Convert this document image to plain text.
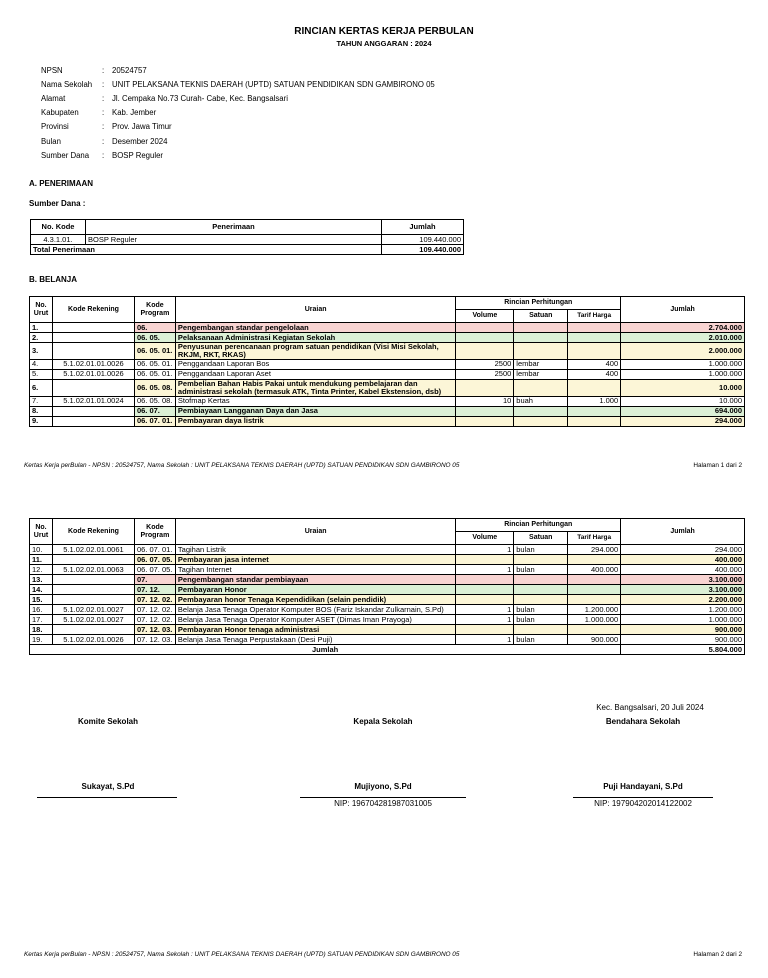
RINCIAN KERTAS KERJA PERBULAN
TAHUN ANGGARAN : 2024
NPSN	:	20524757
Nama Sekolah	:	UNIT PELAKSANA TEKNIS DAERAH (UPTD) SATUAN PENDIDIKAN SDN GAMBIRONO 05
Alamat	:	Jl. Cempaka No.73 Curah- Cabe, Kec. Bangsalsari
Kabupaten	:	Kab. Jember
Provinsi	:	Prov. Jawa Timur
Bulan	:	Desember 2024
Sumber Dana	:	BOSP Reguler
A. PENERIMAAN
Sumber Dana :
No. Kode	Penerimaan	Jumlah
4.3.1.01.	BOSP Reguler	109.440.000
Total Penerimaan		109.440.000
B. BELANJA
No. Urut	Kode Rekening	Kode Program	Uraian	Rincian Perhitungan			Jumlah
				Volume	Satuan	Tarif Harga	
1.		06.	Pengembangan standar pengelolaan				2.704.000
2.		06. 05.	Pelaksanaan Administrasi Kegiatan Sekolah				2.010.000
3.		06. 05. 01.	Penyusunan perencanaan program satuan pendidikan (Visi Misi Sekolah, RKJM, RKT, RKAS)				2.000.000
4.	5.1.02.01.01.0026	06. 05. 01.	Penggandaan Laporan Bos	2500	lembar	400	1.000.000
5.	5.1.02.01.01.0026	06. 05. 01.	Penggandaan Laporan Aset	2500	lembar	400	1.000.000
6.		06. 05. 08.	Pembelian Bahan Habis Pakai untuk mendukung pembelajaran dan administrasi sekolah (termasuk ATK, Tinta Printer, Kabel Ekstension, dsb)				10.000
7.	5.1.02.01.01.0024	06. 05. 08.	Stofmap Kertas	10	buah	1.000	10.000
8.		06. 07.	Pembiayaan Langganan Daya dan Jasa				694.000
9.		06. 07. 01.	Pembayaran daya listrik				294.000
Kertas Kerja perBulan - NPSN : 20524757, Nama Sekolah : UNIT PELAKSANA TEKNIS DAERAH (UPTD) SATUAN PENDIDIKAN SDN GAMBIRONO 05	Halaman 1 dari 2
No. Urut	Kode Rekening	Kode Program	Uraian	Rincian Perhitungan			Jumlah
				Volume	Satuan	Tarif Harga	
10.	5.1.02.02.01.0061	06. 07. 01.	Tagihan Listrik	1	bulan	294.000	294.000
11.		06. 07. 05.	Pembayaran jasa internet				400.000
12.	5.1.02.02.01.0063	06. 07. 05.	Tagihan Internet	1	bulan	400.000	400.000
13.		07.	Pengembangan standar pembiayaan				3.100.000
14.		07. 12.	Pembayaran Honor				3.100.000
15.		07. 12. 02.	Pembayaran honor Tenaga Kependidikan (selain pendidik)				2.200.000
16.	5.1.02.02.01.0027	07. 12. 02.	Belanja Jasa Tenaga Operator Komputer BOS (Fariz Iskandar Zulkarnain, S.Pd)	1	bulan	1.200.000	1.200.000
17.	5.1.02.02.01.0027	07. 12. 02.	Belanja Jasa Tenaga Operator Komputer ASET (Dimas Iman Prayoga)	1	bulan	1.000.000	1.000.000
18.		07. 12. 03.	Pembayaran Honor tenaga administrasi				900.000
19.	5.1.02.02.01.0026	07. 12. 03.	Belanja Jasa Tenaga Perpustakaan (Desi Puji)	1	bulan	900.000	900.000
Jumlah							5.804.000
Kec. Bangsalsari, 20 Juli 2024
Komite Sekolah	Kepala Sekolah	Bendahara Sekolah
Sukayat, S.Pd	Mujiyono, S.Pd	Puji Handayani, S.Pd
NIP: 196704281987031005	NIP: 197904202014122002
Kertas Kerja perBulan - NPSN : 20524757, Nama Sekolah : UNIT PELAKSANA TEKNIS DAERAH (UPTD) SATUAN PENDIDIKAN SDN GAMBIRONO 05	Halaman 2 dari 2
